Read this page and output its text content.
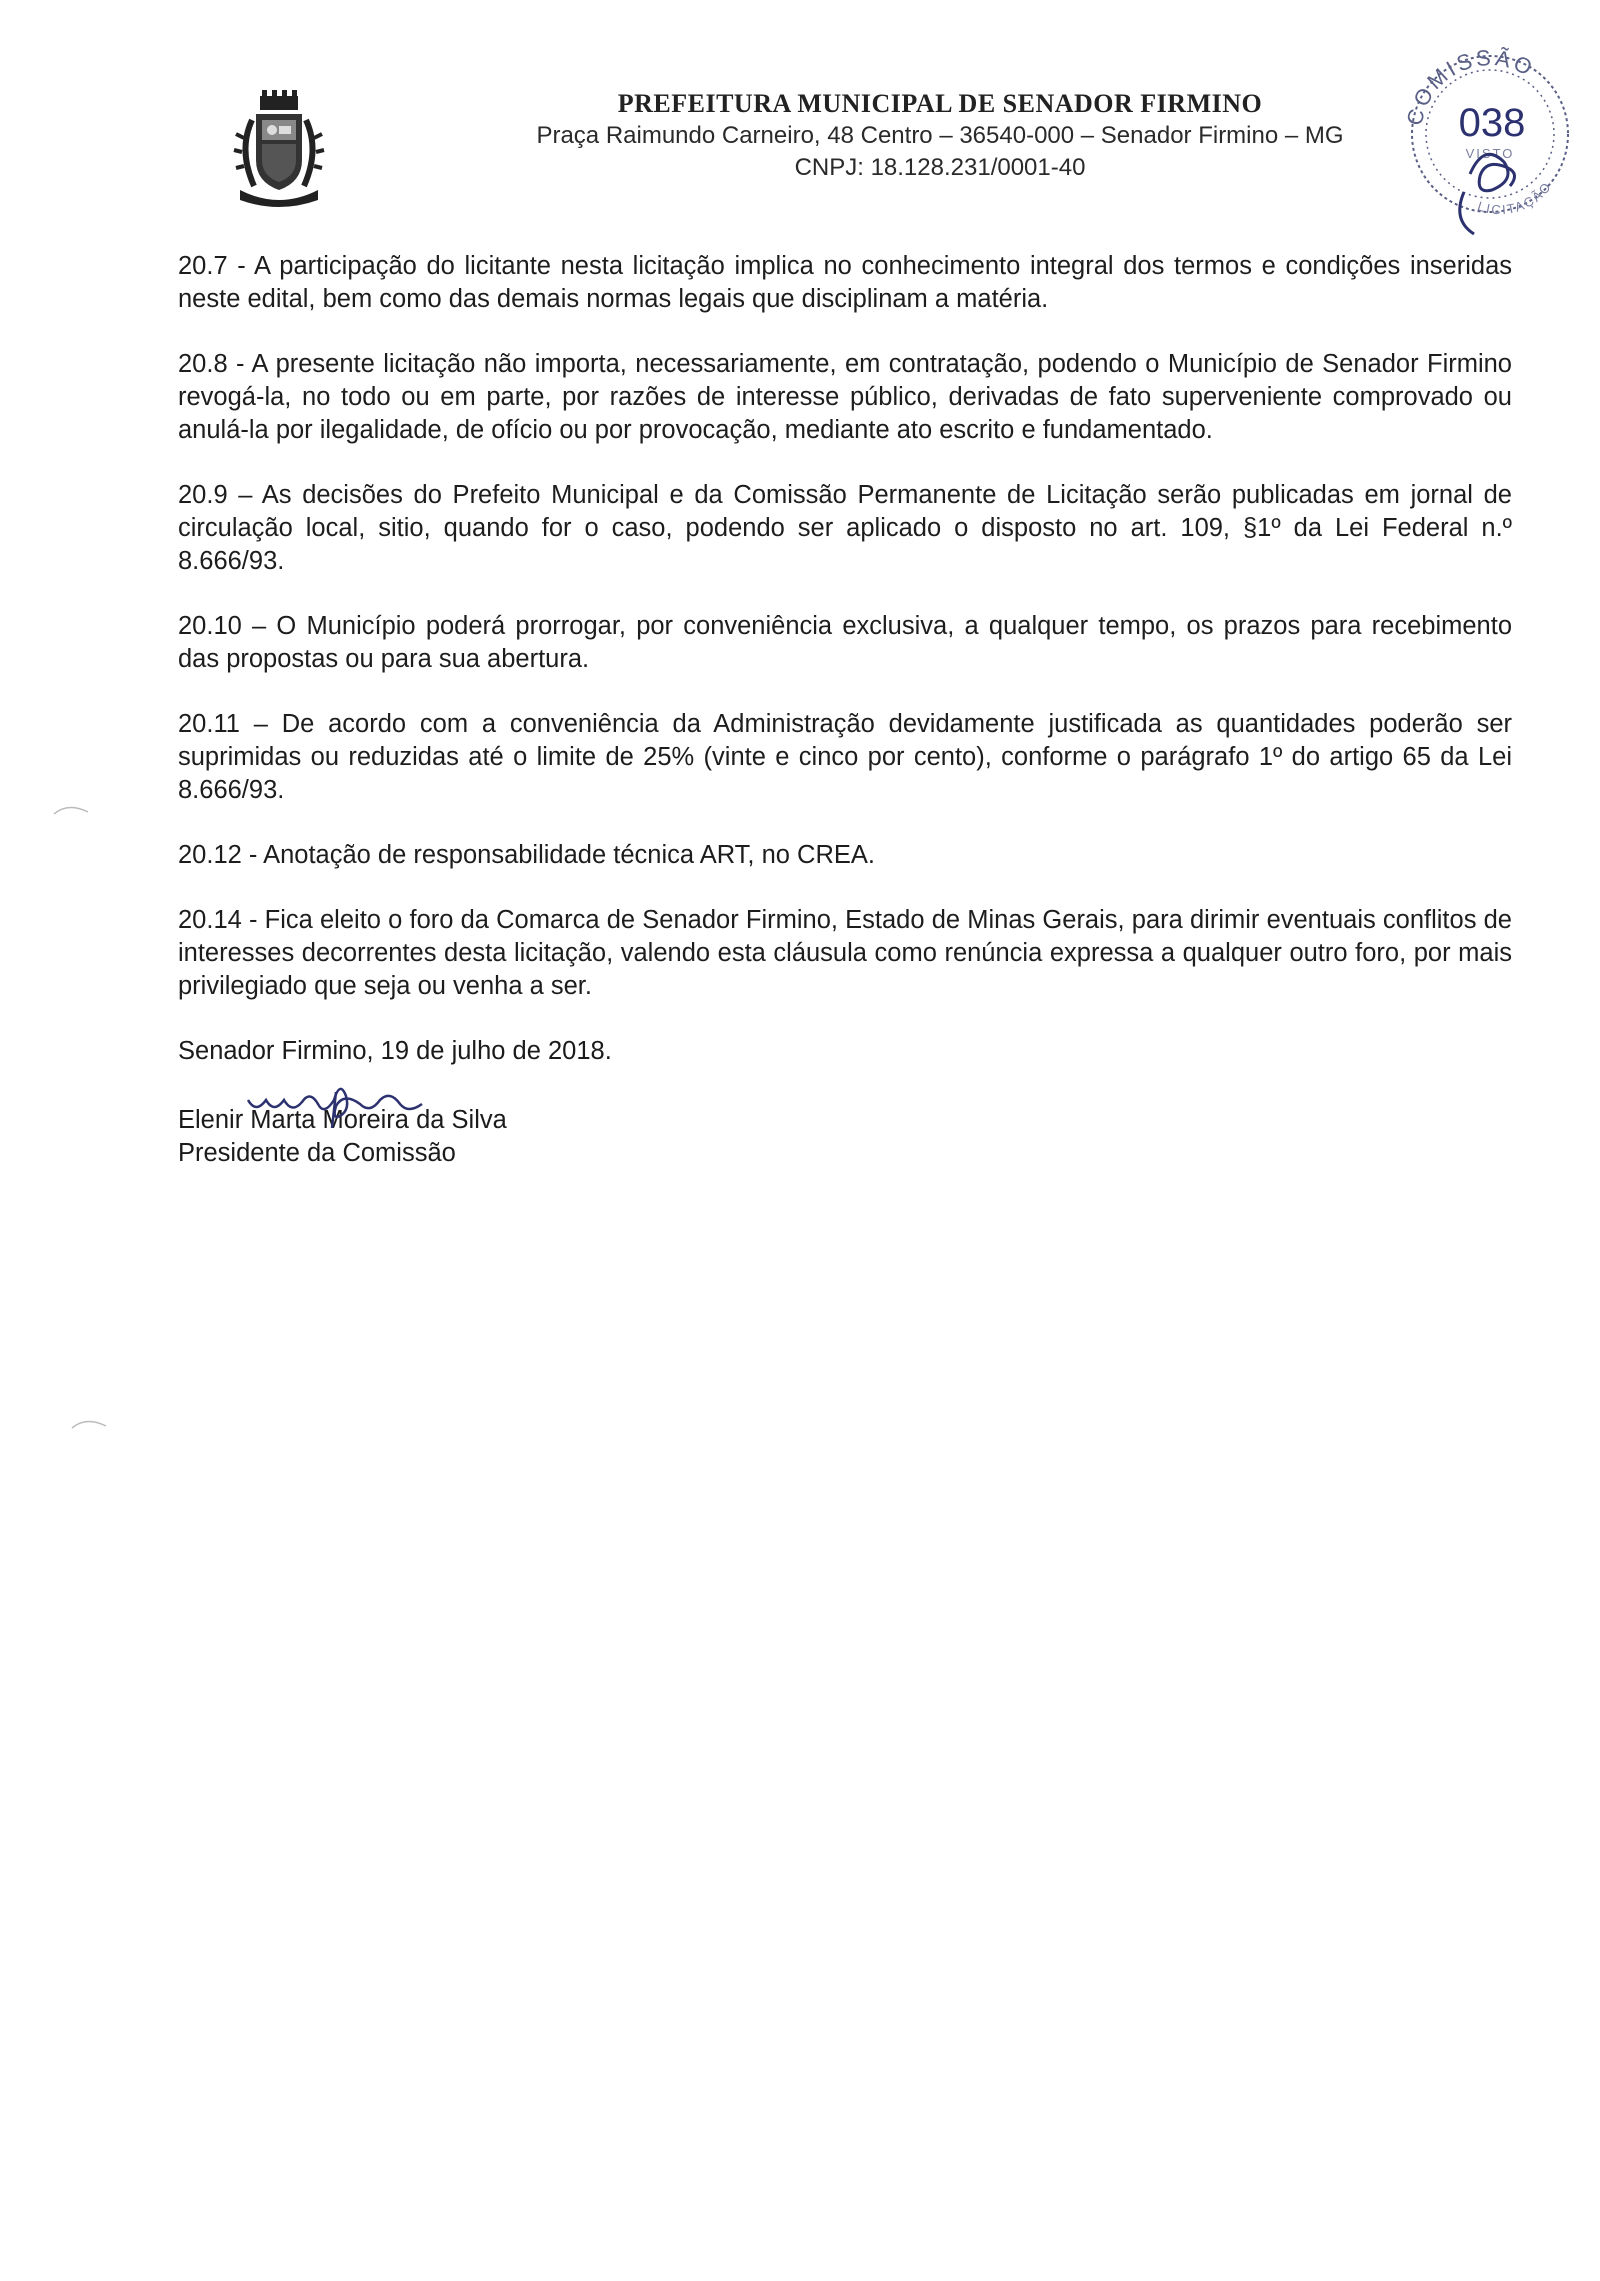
PREFEITURA MUNICIPAL DE SENADOR FIRMINO
Praça Raimundo Carneiro, 48 Centro – 36540-000 – Senador Firmino – MG
CNPJ: 18.128.231/0001-40
COMISSÃO
LICITAÇÃO
038
VISTO

20.7 - A participação do licitante nesta licitação implica no conhecimento integral dos termos e condições inseridas neste edital, bem como das demais normas legais que disciplinam a matéria.

20.8 - A presente licitação não importa, necessariamente, em contratação, podendo o Município de Senador Firmino revogá-la, no todo ou em parte, por razões de interesse público, derivadas de fato superveniente comprovado ou anulá-la por ilegalidade, de ofício ou por provocação, mediante ato escrito e fundamentado.

20.9 – As decisões do Prefeito Municipal e da Comissão Permanente de Licitação serão publicadas em jornal de circulação local, sitio, quando for o caso, podendo ser aplicado o disposto no art. 109, §1º da Lei Federal n.º 8.666/93.

20.10 – O Município poderá prorrogar, por conveniência exclusiva, a qualquer tempo, os prazos para recebimento das propostas ou para sua abertura.

20.11 – De acordo com a conveniência da Administração devidamente justificada as quantidades poderão ser suprimidas ou reduzidas até o limite de 25% (vinte e cinco por cento), conforme o parágrafo 1º do artigo 65 da Lei 8.666/93.

20.12 - Anotação de responsabilidade técnica ART, no CREA.

20.14 - Fica eleito o foro da Comarca de Senador Firmino, Estado de Minas Gerais, para dirimir eventuais conflitos de interesses decorrentes desta licitação, valendo esta cláusula como renúncia expressa a qualquer outro foro, por mais privilegiado que seja ou venha a ser.

Senador Firmino, 19 de julho de 2018.
Elenir Marta Moreira da Silva
Presidente da Comissão
